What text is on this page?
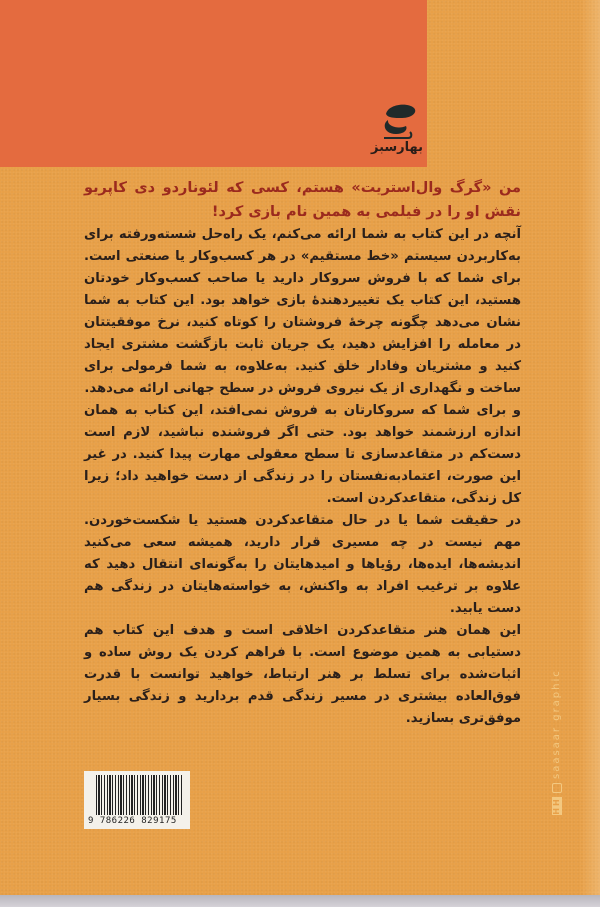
بهارسبز

من «گرگ وال‌استریت» هستم، کسی که لئوناردو دی کاپریو نقش او را در فیلمی به همین نام بازی کرد!

آنچه در این کتاب به شما ارائه می‌کنم، یک راه‌حل شسته‌ورفته برای به‌کاربردن سیستم «خط مستقیم» در هر کسب‌وکار یا صنعتی است. برای شما که با فروش سروکار دارید یا صاحب کسب‌وکار خودتان هستید، این کتاب یک تغییردهندهٔ بازی خواهد بود. این کتاب به شما نشان می‌دهد چگونه چرخهٔ فروشتان را کوتاه کنید، نرخ موفقیتتان در معامله را افزایش دهید، یک جریان ثابت بازگشت مشتری ایجاد کنید و مشتریان وفادار خلق کنید. به‌علاوه، به شما فرمولی برای ساخت و نگهداری از یک نیروی فروش در سطح جهانی ارائه می‌دهد.

و برای شما که سروکارتان به فروش نمی‌افتد، این کتاب به همان اندازه ارزشمند خواهد بود. حتی اگر فروشنده نباشید، لازم است دست‌کم در متقاعدسازی تا سطح معقولی مهارت پیدا کنید. در غیر این صورت، اعتمادبه‌نفستان را در زندگی از دست خواهید داد؛ زیرا کل زندگی، متقاعدکردن است.

در حقیقت شما یا در حال متقاعدکردن هستید یا شکست‌خوردن. مهم نیست در چه مسیری قرار دارید، همیشه سعی می‌کنید اندیشه‌ها، ایده‌ها، رؤیاها و امیدهایتان را به‌گونه‌ای انتقال دهید که علاوه بر ترغیب افراد به واکنش، به خواسته‌هایتان در زندگی هم دست یابید.

این همان هنر متقاعدکردن اخلاقی است و هدف این کتاب هم دستیابی به همین موضوع است. با فراهم کردن یک روش ساده و اثبات‌شده برای تسلط بر هنر ارتباط، خواهید توانست با قدرت فوق‌العاده بیشتری در مسیر زندگی قدم بردارید و زندگی بسیار موفق‌تری بسازید.

9 786226 829175
HH
saasaar graphic
